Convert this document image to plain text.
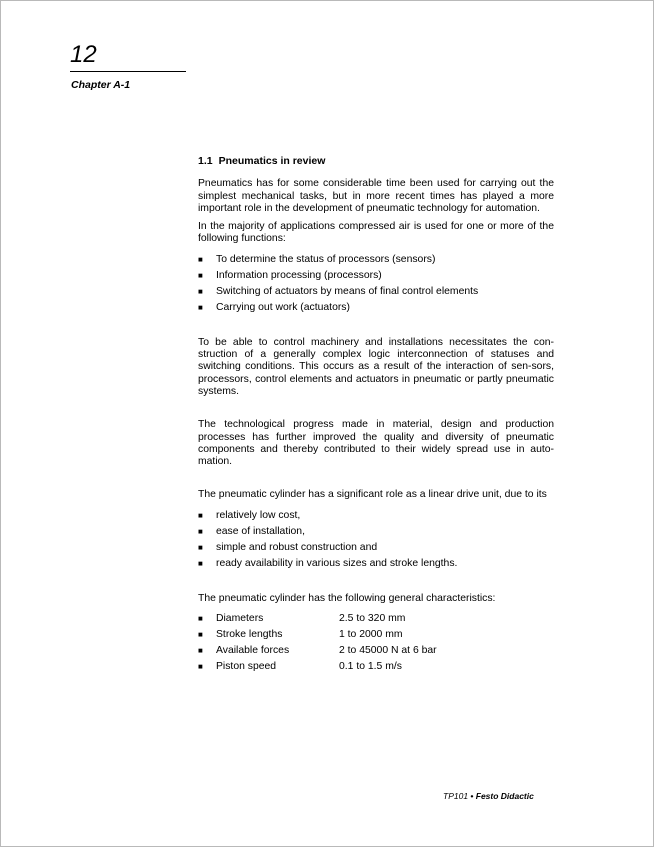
12
Chapter A-1
1.1 Pneumatics in review

Pneumatics has for some considerable time been used for carrying out the simplest mechanical tasks, but in more recent times has played a more important role in the development of pneumatic technology for automation.

In the majority of applications compressed air is used for one or more of the following functions:

■ To determine the status of processors (sensors)
■ Information processing (processors)
■ Switching of actuators by means of final control elements
■ Carrying out work (actuators)

To be able to control machinery and installations necessitates the con-struction of a generally complex logic interconnection of statuses and switching conditions. This occurs as a result of the interaction of sen-sors, processors, control elements and actuators in pneumatic or partly pneumatic systems.

The technological progress made in material, design and production processes has further improved the quality and diversity of pneumatic components and thereby contributed to their widely spread use in auto-mation.

The pneumatic cylinder has a significant role as a linear drive unit, due to its

■ relatively low cost,
■ ease of installation,
■ simple and robust construction and
■ ready availability in various sizes and stroke lengths.

The pneumatic cylinder has the following general characteristics:

■ Diameters	2.5 to 320 mm
■ Stroke lengths	1 to 2000 mm
■ Available forces	2 to 45000 N at 6 bar
■ Piston speed	0.1 to 1.5 m/s
TP101 • Festo Didactic
